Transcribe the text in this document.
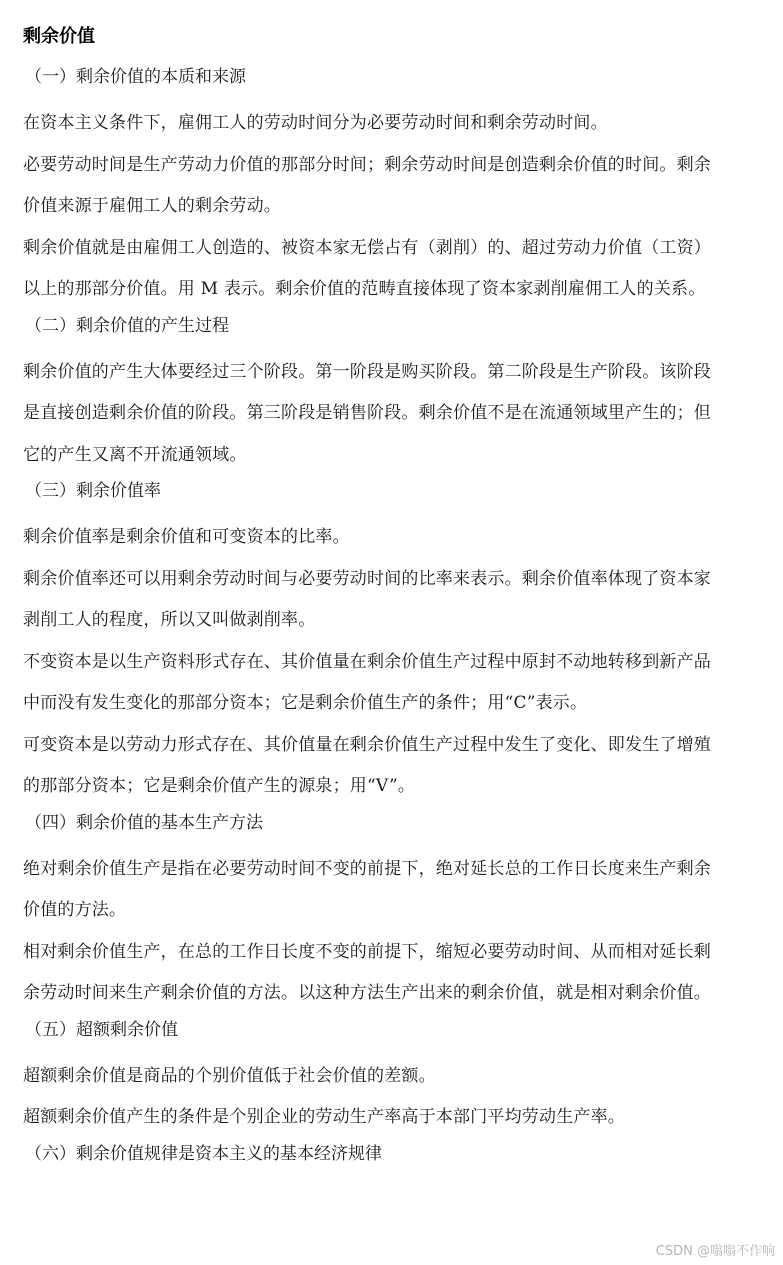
剩余价值
（一）剩余价值的本质和来源

在资本主义条件下，雇佣工人的劳动时间分为必要劳动时间和剩余劳动时间。

必要劳动时间是生产劳动力价值的那部分时间；剩余劳动时间是创造剩余价值的时间。剩余价值来源于雇佣工人的剩余劳动。

剩余价值就是由雇佣工人创造的、被资本家无偿占有（剥削）的、超过劳动力价值（工资）以上的那部分价值。用 M 表示。剩余价值的范畴直接体现了资本家剥削雇佣工人的关系。

（二）剩余价值的产生过程

剩余价值的产生大体要经过三个阶段。第一阶段是购买阶段。第二阶段是生产阶段。该阶段是直接创造剩余价值的阶段。第三阶段是销售阶段。剩余价值不是在流通领域里产生的；但它的产生又离不开流通领域。

（三）剩余价值率

剩余价值率是剩余价值和可变资本的比率。

剩余价值率还可以用剩余劳动时间与必要劳动时间的比率来表示。剩余价值率体现了资本家剥削工人的程度，所以又叫做剥削率。

不变资本是以生产资料形式存在、其价值量在剩余价值生产过程中原封不动地转移到新产品中而没有发生变化的那部分资本；它是剩余价值生产的条件；用“C”表示。

可变资本是以劳动力形式存在、其价值量在剩余价值生产过程中发生了变化、即发生了增殖的那部分资本；它是剩余价值产生的源泉；用“V”。

（四）剩余价值的基本生产方法

绝对剩余价值生产是指在必要劳动时间不变的前提下，绝对延长总的工作日长度来生产剩余价值的方法。

相对剩余价值生产，在总的工作日长度不变的前提下，缩短必要劳动时间、从而相对延长剩余劳动时间来生产剩余价值的方法。以这种方法生产出来的剩余价值，就是相对剩余价值。

（五）超额剩余价值

超额剩余价值是商品的个别价值低于社会价值的差额。

超额剩余价值产生的条件是个别企业的劳动生产率高于本部门平均劳动生产率。

（六）剩余价值规律是资本主义的基本经济规律
CSDN @嗡嗡不作响
